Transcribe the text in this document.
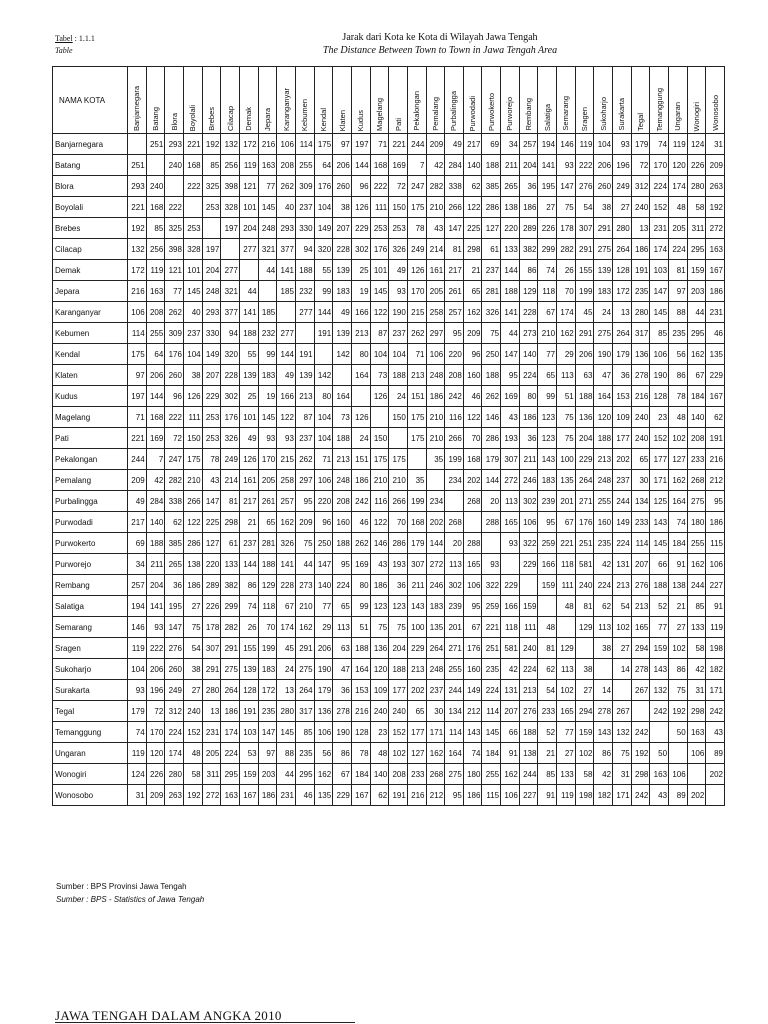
Tabel : 1.1.1
Table
Jarak dari Kota ke Kota di Wilayah Jawa Tengah
The Distance Between Town to Town in Jawa Tengah Area
NAMA KOTA	Banjarnegara	Batang	Blora	Boyolali	Brebes	Cilacap	Demak	Jepara	Karanganyar	Kebumen	Kendal	Klaten	Kudus	Magelang	Pati	Pekalongan	Pemalang	Purbalingga	Purwodadi	Purwokerto	Purworejo	Rembang	Salatiga	Semarang	Sragen	Sukoharjo	Surakarta	Tegal	Temanggung	Ungaran	Wonogiri	Wonosobo
Banjarnegara		251	293	221	192	132	172	216	106	114	175	97	197	71	221	244	209	49	217	69	34	257	194	146	119	104	93	179	74	119	124	31
Batang	251		240	168	85	256	119	163	208	255	64	206	144	168	169	7	42	284	140	188	211	204	141	93	222	206	196	72	170	120	226	209
Blora	293	240		222	325	398	121	77	262	309	176	260	96	222	72	247	282	338	62	385	265	36	195	147	276	260	249	312	224	174	280	263
Boyolali	221	168	222		253	328	101	145	40	237	104	38	126	111	150	175	210	266	122	286	138	186	27	75	54	38	27	240	152	48	58	192
Brebes	192	85	325	253		197	204	248	293	330	149	207	229	253	253	78	43	147	225	127	220	289	226	178	307	291	280	13	231	205	311	272
Cilacap	132	256	398	328	197		277	321	377	94	320	228	302	176	326	249	214	81	298	61	133	382	299	282	291	275	264	186	174	224	295	163
Demak	172	119	121	101	204	277		44	141	188	55	139	25	101	49	126	161	217	21	237	144	86	74	26	155	139	128	191	103	81	159	167
Jepara	216	163	77	145	248	321	44		185	232	99	183	19	145	93	170	205	261	65	281	188	129	118	70	199	183	172	235	147	97	203	186
Karanganyar	106	208	262	40	293	377	141	185		277	144	49	166	122	190	215	258	257	162	326	141	228	67	174	45	24	13	280	145	88	44	231
Kebumen	114	255	309	237	330	94	188	232	277		191	139	213	87	237	262	297	95	209	75	44	273	210	162	291	275	264	317	85	235	295	46
Kendal	175	64	176	104	149	320	55	99	144	191		142	80	104	104	71	106	220	96	250	147	140	77	29	206	190	179	136	106	56	162	135
Klaten	97	206	260	38	207	228	139	183	49	139	142		164	73	188	213	248	208	160	188	95	224	65	113	63	47	36	278	190	86	67	229
Kudus	197	144	96	126	229	302	25	19	166	213	80	164		126	24	151	186	242	46	262	169	80	99	51	188	164	153	216	128	78	184	167
Magelang	71	168	222	111	253	176	101	145	122	87	104	73	126		150	175	210	116	122	146	43	186	123	75	136	120	109	240	23	48	140	62
Pati	221	169	72	150	253	326	49	93	93	237	104	188	24	150		175	210	266	70	286	193	36	123	75	204	188	177	240	152	102	208	191
Pekalongan	244	7	247	175	78	249	126	170	215	262	71	213	151	175	175		35	199	168	179	307	211	143	100	229	213	202	65	177	127	233	216
Pemalang	209	42	282	210	43	214	161	205	258	297	106	248	186	210	210	35		234	202	144	272	246	183	135	264	248	237	30	171	162	268	212
Purbalingga	49	284	338	266	147	81	217	261	257	95	220	208	242	116	266	199	234		268	20	113	302	239	201	271	255	244	134	125	164	275	95
Purwodadi	217	140	62	122	225	298	21	65	162	209	96	160	46	122	70	168	202	268		288	165	106	95	67	176	160	149	233	143	74	180	186
Purwokerto	69	188	385	286	127	61	237	281	326	75	250	188	262	146	286	179	144	20	288		93	322	259	221	251	235	224	114	145	184	255	115
Purworejo	34	211	265	138	220	133	144	188	141	44	147	95	169	43	193	307	272	113	165	93		229	166	118	581	42	131	207	66	91	162	106
Rembang	257	204	36	186	289	382	86	129	228	273	140	224	80	186	36	211	246	302	106	322	229		159	111	240	224	213	276	188	138	244	227
Salatiga	194	141	195	27	226	299	74	118	67	210	77	65	99	123	123	143	183	239	95	259	166	159		48	81	62	54	213	52	21	85	91
Semarang	146	93	147	75	178	282	26	70	174	162	29	113	51	75	75	100	135	201	67	221	118	111	48		129	113	102	165	77	27	133	119
Sragen	119	222	276	54	307	291	155	199	45	291	206	63	188	136	204	229	264	271	176	251	581	240	81	129		38	27	294	159	102	58	198
Sukoharjo	104	206	260	38	291	275	139	183	24	275	190	47	164	120	188	213	248	255	160	235	42	224	62	113	38		14	278	143	86	42	182
Surakarta	93	196	249	27	280	264	128	172	13	264	179	36	153	109	177	202	237	244	149	224	131	213	54	102	27	14		267	132	75	31	171
Tegal	179	72	312	240	13	186	191	235	280	317	136	278	216	240	240	65	30	134	212	114	207	276	233	165	294	278	267		242	192	298	242
Temanggung	74	170	224	152	231	174	103	147	145	85	106	190	128	23	152	177	171	114	143	145	66	188	52	77	159	143	132	242		50	163	43
Ungaran	119	120	174	48	205	224	53	97	88	235	56	86	78	48	102	127	162	164	74	184	91	138	21	27	102	86	75	192	50		106	89
Wonogiri	124	226	280	58	311	295	159	203	44	295	162	67	184	140	208	233	268	275	180	255	162	244	85	133	58	42	31	298	163	106		202
Wonosobo	31	209	263	192	272	163	167	186	231	46	135	229	167	62	191	216	212	95	186	115	106	227	91	119	198	182	171	242	43	89	202	
Sumber : BPS Provinsi Jawa Tengah
Sumber : BPS - Statistics of Jawa Tengah
JAWA TENGAH DALAM ANGKA 2010
